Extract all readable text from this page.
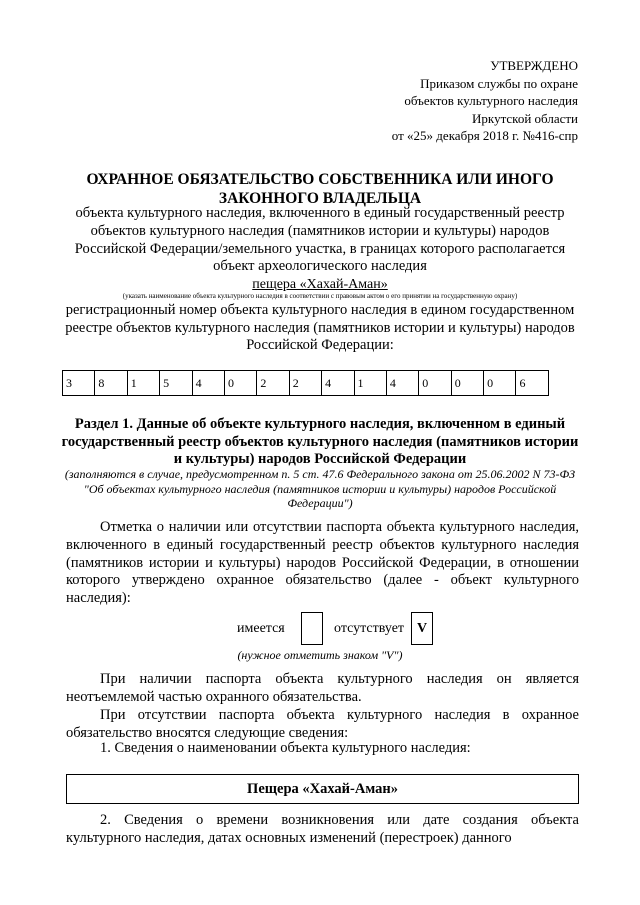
УТВЕРЖДЕНО
Приказом службы по охране
объектов культурного наследия
Иркутской области
от «25» декабря 2018 г. №416-спр
ОХРАННОЕ ОБЯЗАТЕЛЬСТВО СОБСТВЕННИКА ИЛИ ИНОГО
ЗАКОННОГО ВЛАДЕЛЬЦА
объекта культурного наследия, включенного в единый государственный реестр объектов культурного наследия (памятников истории и культуры) народов Российской Федерации/земельного участка, в границах которого располагается объект археологического наследия
пещера «Хахай-Аман»
(указать наименование объекта культурного наследия в соответствии с правовым актом о его принятии на государственную охрану)
регистрационный номер объекта культурного наследия в едином государственном реестре объектов культурного наследия (памятников истории и культуры) народов Российской Федерации:
3	8	1	5	4	0	2	2	4	1	4	0	0	0	6
Раздел 1. Данные об объекте культурного наследия, включенном в единый государственный реестр объектов культурного наследия (памятников истории и культуры) народов Российской Федерации
(заполняются в случае, предусмотренном п. 5 ст. 47.6 Федерального закона от 25.06.2002 N 73-ФЗ "Об объектах культурного наследия (памятников истории и культуры) народов Российской Федерации")
Отметка о наличии или отсутствии паспорта объекта культурного наследия, включенного в единый государственный реестр объектов культурного наследия (памятников истории и культуры) народов Российской Федерации, в отношении которого утверждено охранное обязательство (далее - объект культурного наследия):
имеется	отсутствует V
(нужное отметить знаком "V")
При наличии паспорта объекта культурного наследия он является неотъемлемой частью охранного обязательства.
При отсутствии паспорта объекта культурного наследия в охранное обязательство вносятся следующие сведения:
1. Сведения о наименовании объекта культурного наследия:
Пещера «Хахай-Аман»
2. Сведения о времени возникновения или дате создания объекта культурного наследия, датах основных изменений (перестроек) данного
